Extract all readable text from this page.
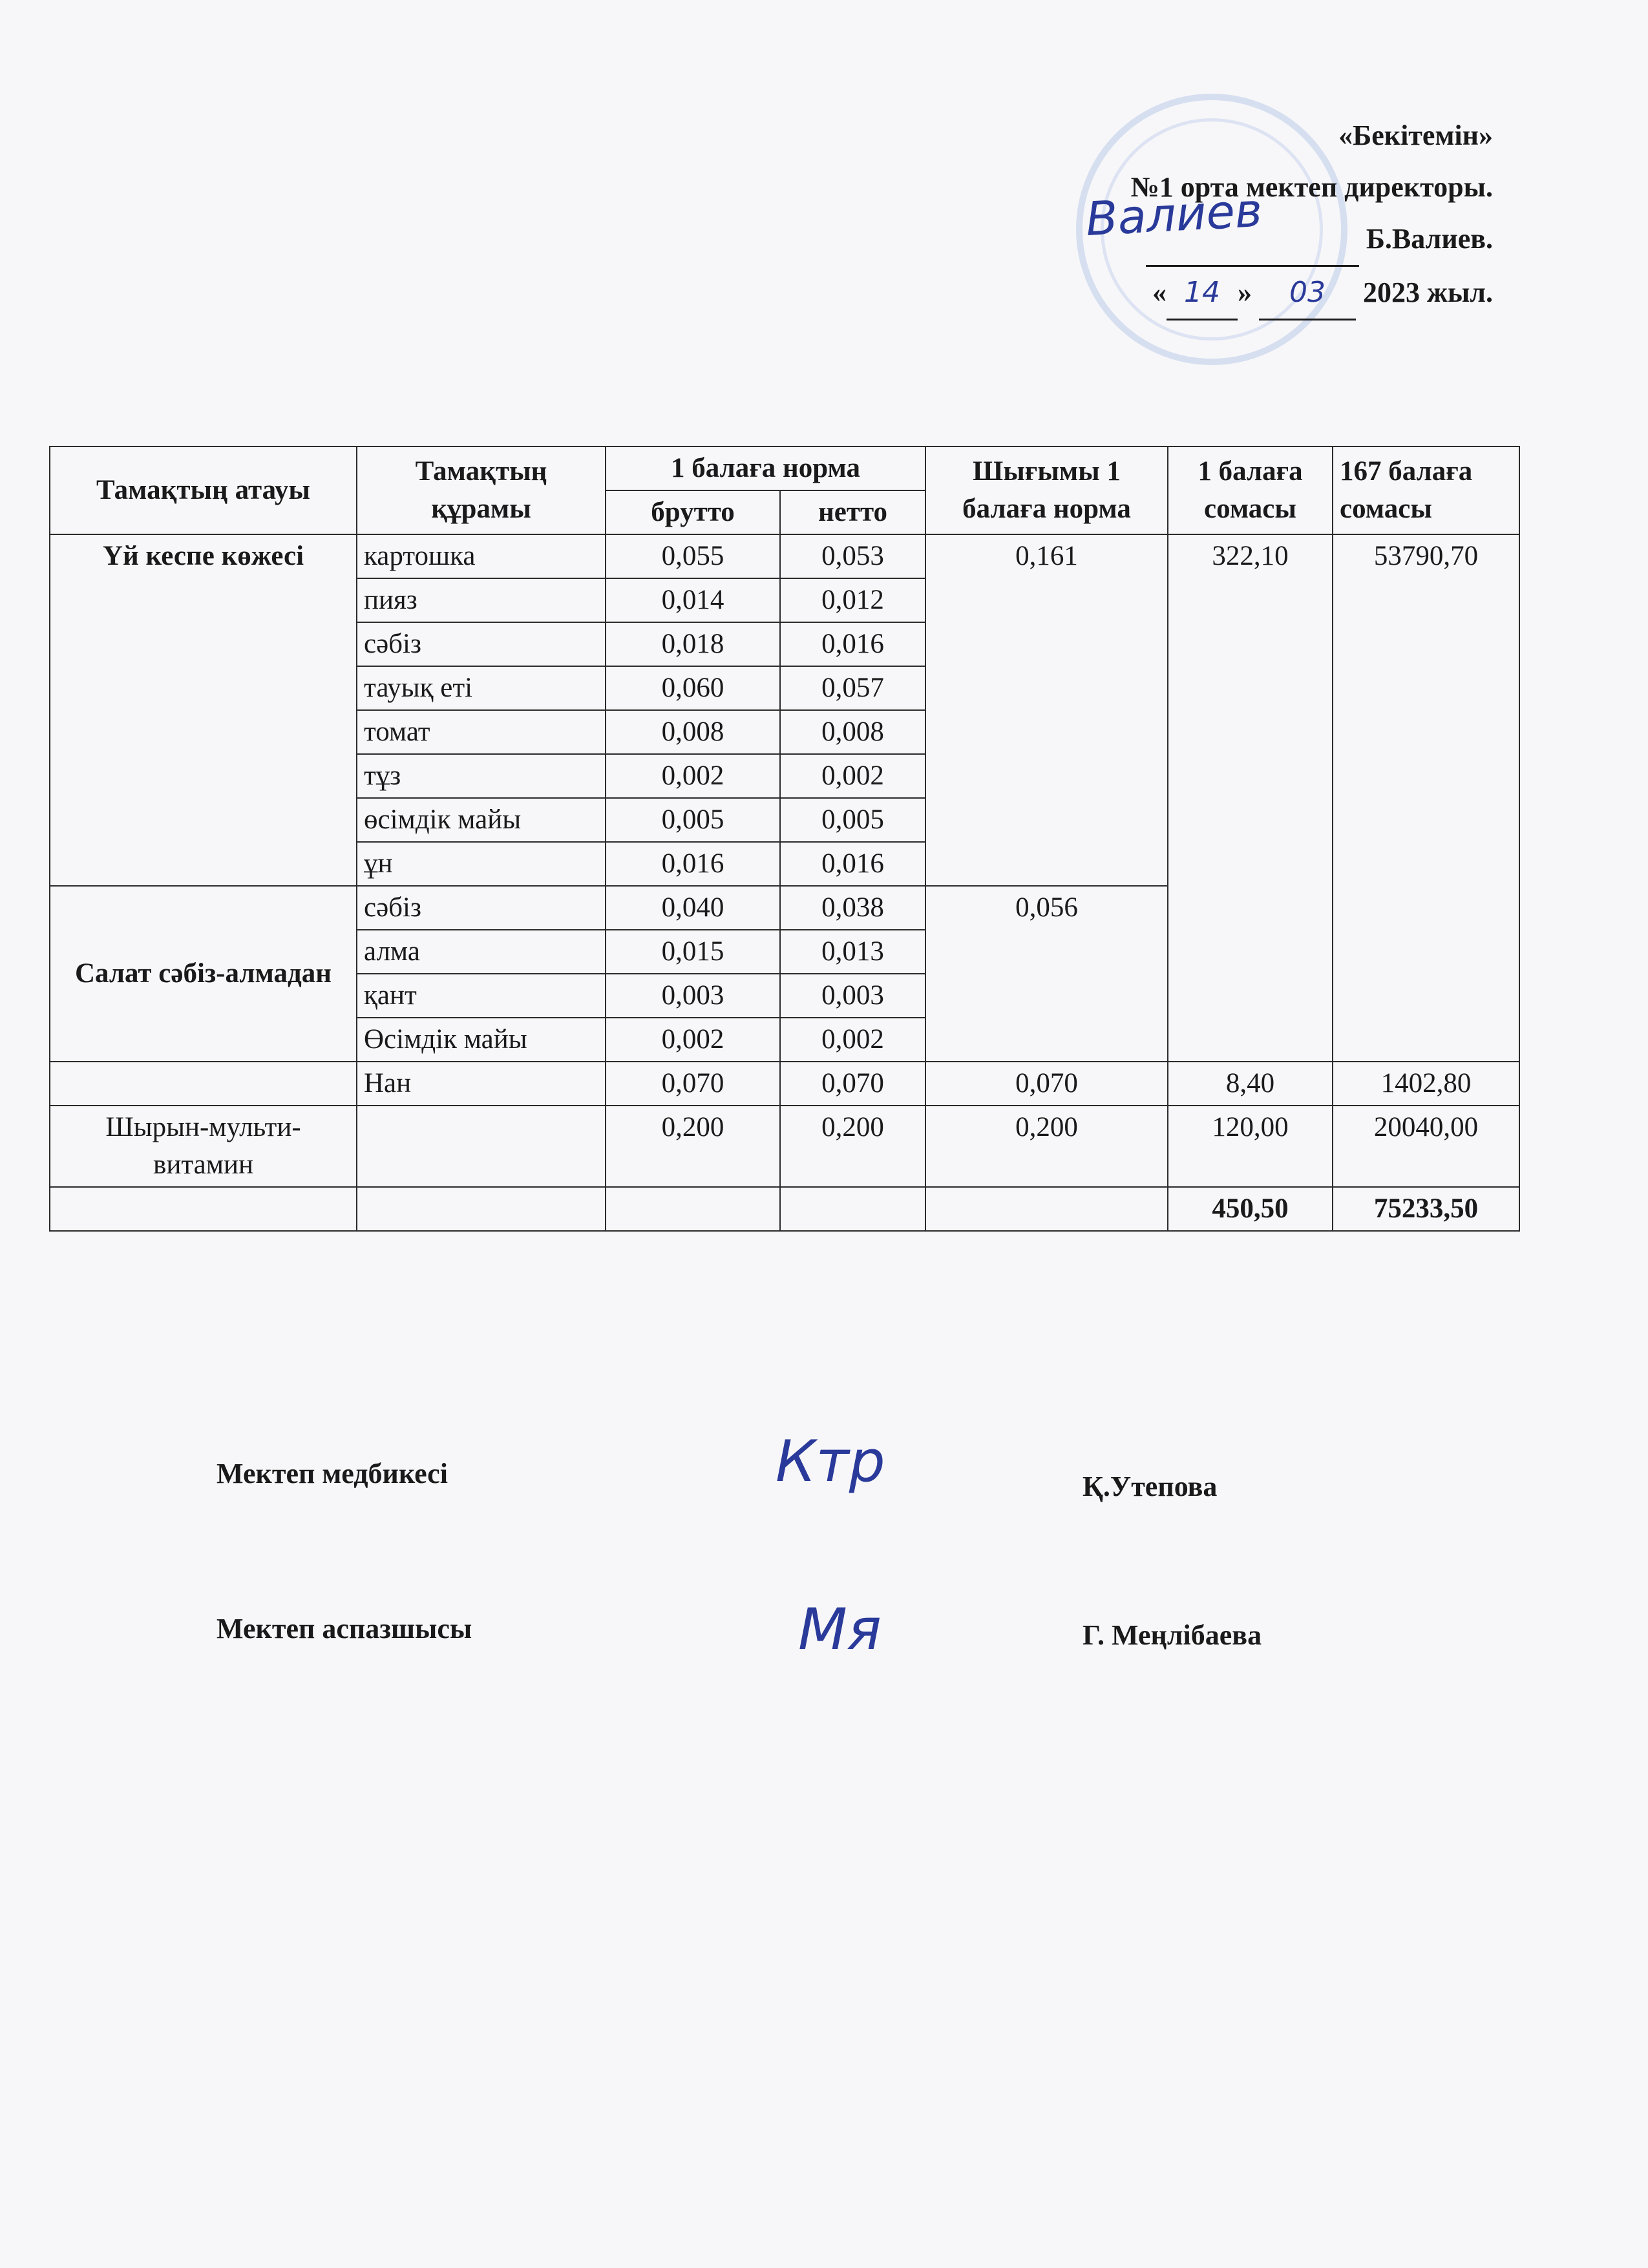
«Бекітемін»
№1 орта мектеп директоры.
Б.Валиев.
« 14 » 03 2023 жыл.
Валиев
Тамақтың атауы	Тамақтың құрамы	1 балаға норма		Шығымы 1 балаға норма	1 балаға сомасы	167 балаға сомасы
		брутто	нетто			
Үй кеспе көжесі	картошка	0,055	0,053	0,161	322,10	53790,70
	пияз	0,014	0,012			
	сәбіз	0,018	0,016			
	тауық еті	0,060	0,057			
	томат	0,008	0,008			
	тұз	0,002	0,002			
	өсімдік майы	0,005	0,005			
	ұн	0,016	0,016			
Салат сәбіз-алмадан	сәбіз	0,040	0,038	0,056		
	алма	0,015	0,013			
	қант	0,003	0,003			
	Өсімдік майы	0,002	0,002			
	Нан	0,070	0,070	0,070	8,40	1402,80
Шырын-мульти-витамин		0,200	0,200	0,200	120,00	20040,00
					450,50	75233,50
Мектеп медбикесі	Ктр	Қ.Утепова
Мектеп аспазшысы	Мя	Г. Меңлібаева
